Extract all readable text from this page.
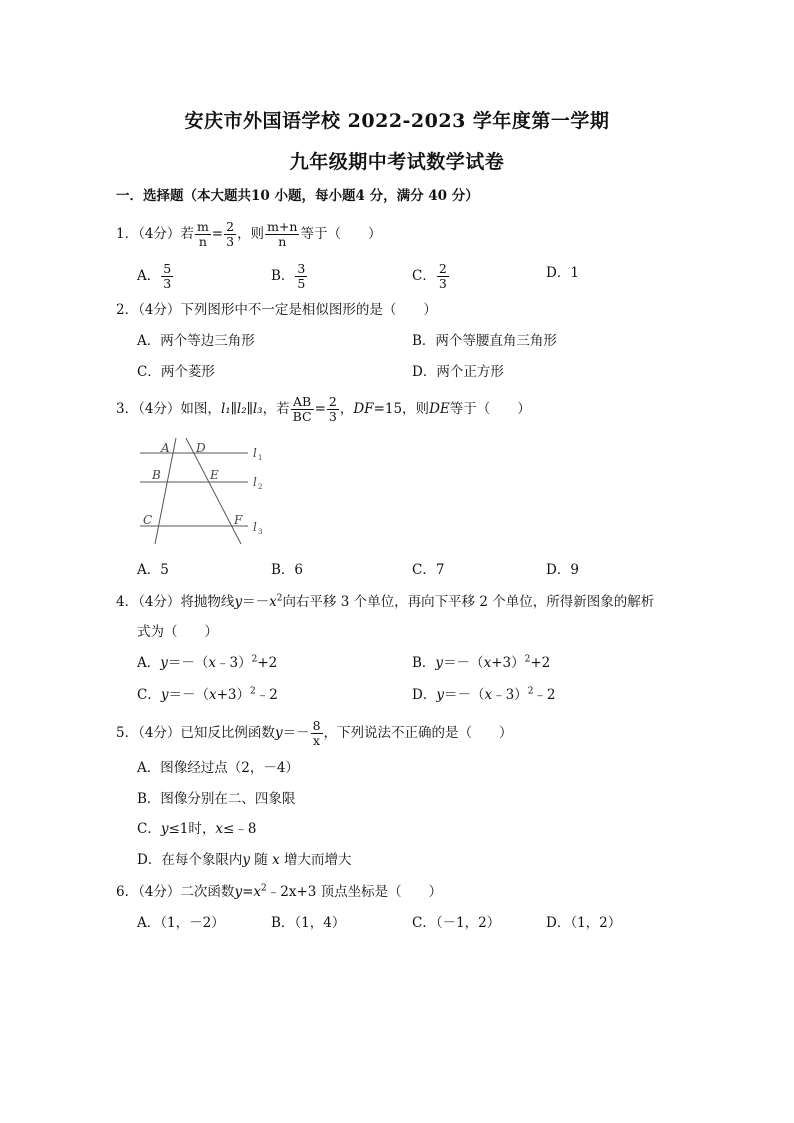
安庆市外国语学校 2022-2023 学年度第一学期
九年级期中考试数学试卷
一．选择题（本大题共10 小题，每小题4 分，满分 40 分）
1．（4分）若 $\frac{m}{n} = \frac{2}{3}$ ，则 $\frac{m+n}{n}$ 等于（　　）
A． $\frac{5}{3}$	B． $\frac{3}{5}$	C． $\frac{2}{3}$	D．1
2．（4分）下列图形中不一定是相似图形的是（　　）
A．两个等边三角形	B．两个等腰直角三角形
C．两个菱形	D．两个正方形
3．（4分）如图，l₁∥l₂∥l₃，若 $\frac{AB}{BC} = \frac{2}{3}$ ，DF=15，则DE等于（　　）
A D
B	E
C	F
l
l
l
1
2
3
A．5	B．6	C．7	D．9
4．（4分）将抛物线$y=-x^2$向右平移 3 个单位，再向下平移 2 个单位，所得新图象的解析
式为（　　）
A．y＝－（x﹣3）$^2$+2	B．$y=-(x+3)^2+2$
C．$y=-(x+3)^2﹣2$	D．y＝－（x﹣3）$^2$﹣2
5．（4分）已知反比例函数$y=- \frac{8}{x}$ ，下列说法不正确的是（　　）
A．图像经过点（2，－4）
B．图像分别在二、四象限
C．y≤1时，x≤﹣8
D．在每个象限内y 随 x 增大而增大
6．（4分）二次函数$y=x^2﹣2x+3$ 顶点坐标是（　　）
A．（1，－2）	B．（1，4）	C．（－1，2）	D．（1，2）
